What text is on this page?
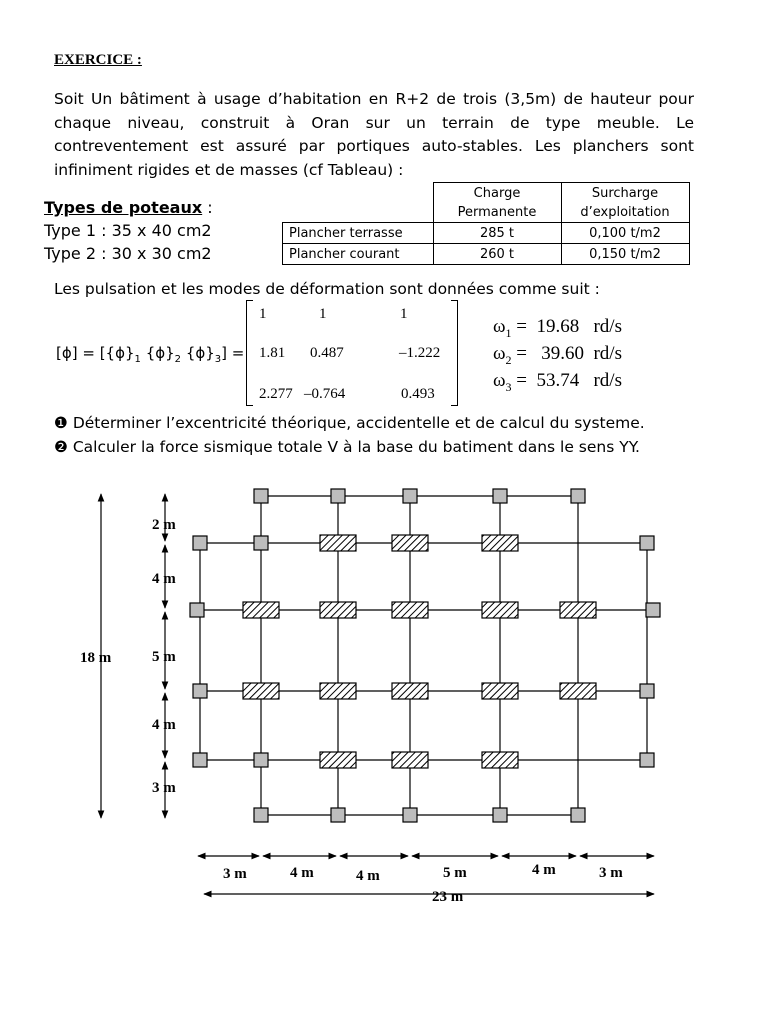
EXERCICE :
Soit Un bâtiment à usage d’habitation en R+2 de trois (3,5m) de hauteur pour chaque niveau, construit à Oran sur un terrain de type meuble. Le contreventement est assuré par portiques auto-stables. Les planchers sont infiniment rigides et de masses (cf Tableau) :
Types de poteaux :
Type 1 : 35 x 40 cm2
Type 2 : 30 x 30 cm2
	Charge Permanente	Surcharge d’exploitation
Plancher terrasse	285 t	0,100 t/m2
Plancher courant	260 t	0,150 t/m2
Les pulsation et les modes de déformation sont données comme suit :
$[\phi] = [\{\phi\}_1$ $\{\phi\}_2$ $\{\phi\}_3$] =
1	1	1
1.81 0.487	–1.222
2.277 –0.764	0.493
$\omega_1 = 19.68$   rd/s
$\omega_2 = 39.60$  rd/s
$\omega_3 = 53.74$   rd/s
❶ Déterminer l’excentricité théorique, accidentelle et de calcul du systeme.
❷ Calculer la force sismique totale V à la base du batiment dans le sens YY.
18 m
2 m
4 m
5 m
4 m
3 m
3 m	4 m	4 m	5 m	4 m	3 m
23 m
